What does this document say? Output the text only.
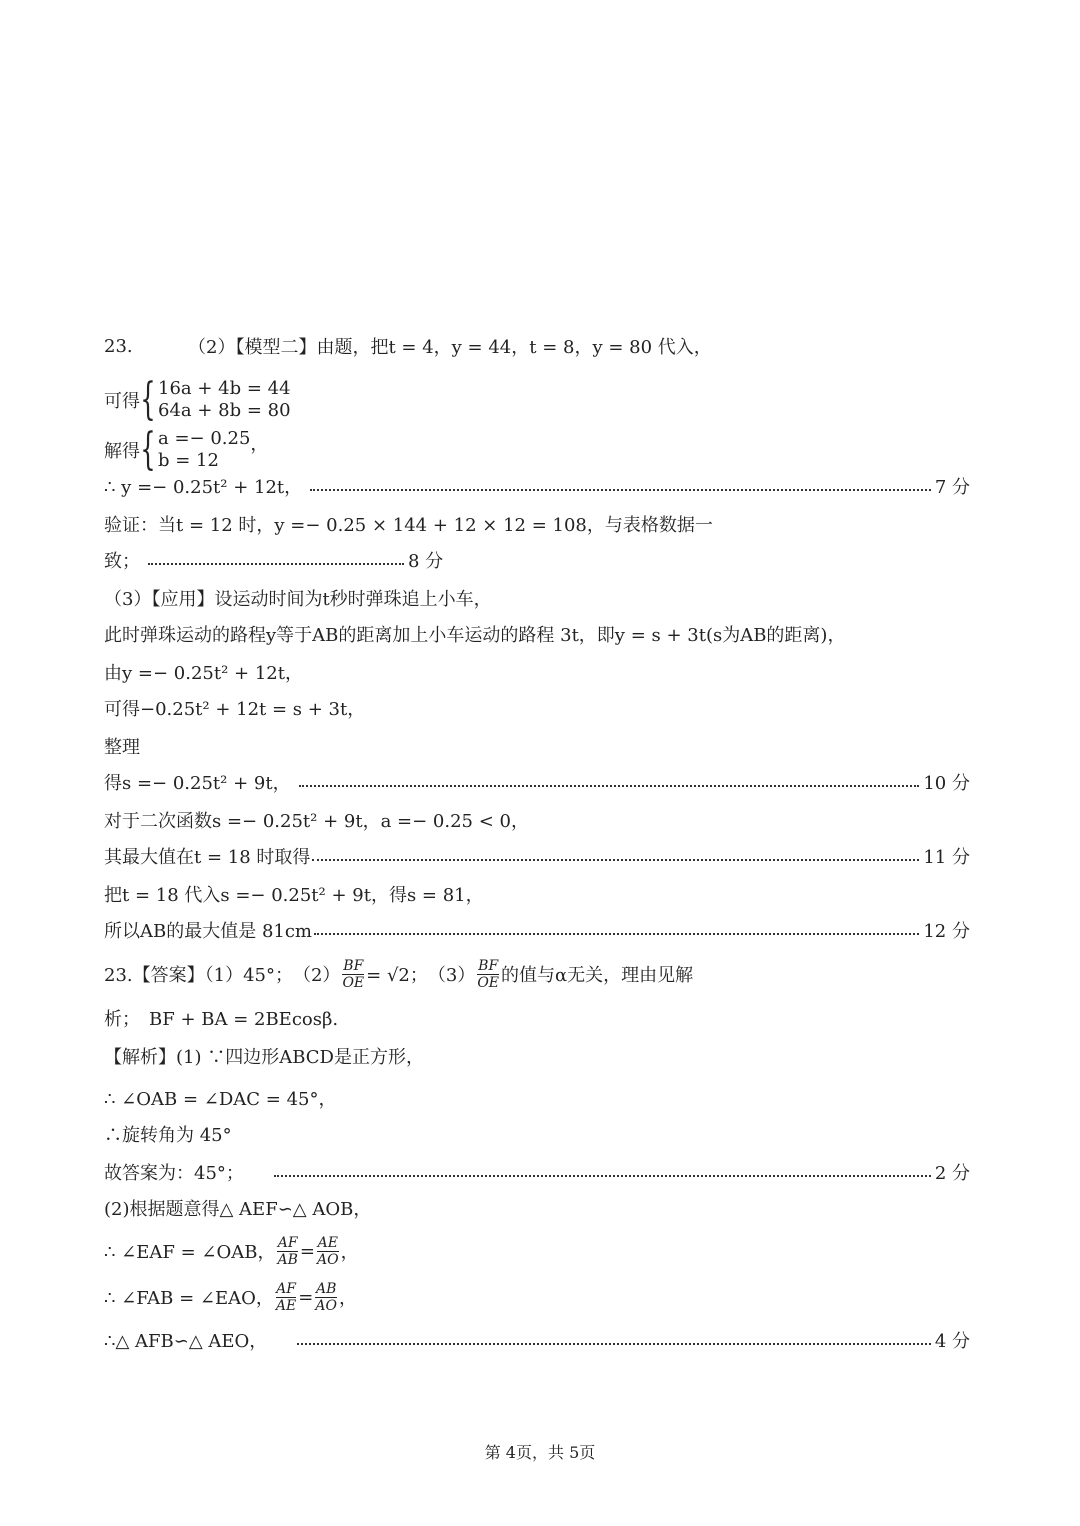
23.	（2）【模型二】由题，把t = 4，y = 44，t = 8，y = 80 代入，
可得 { 16a + 4b = 44
64a + 8b = 80
解得 { a =− 0.25
b = 12
，
∴ y =− 0.25t² + 12t，	7 分
验证：当t = 12 时，y =− 0.25 × 144 + 12 × 12 = 108，与表格数据一
致；	8 分
（3）【应用】设运动时间为t秒时弹珠追上小车，
此时弹珠运动的路程y等于AB的距离加上小车运动的路程 3t，即y = s + 3t(s为AB的距离)，
由y =− 0.25t² + 12t，
可得−0.25t² + 12t = s + 3t，
整理
得s =− 0.25t² + 9t，	10 分
对于二次函数s =− 0.25t² + 9t，a =− 0.25 < 0，
其最大值在t = 18 时取得	11 分
把t = 18 代入s =− 0.25t² + 9t，得s = 81，
所以AB的最大值是 81cm	12 分
23.【答案】（1）45°；　$(2) \frac{BF}{OE} = √2$；　$(3) \frac{BF}{OE}$ 的值与α无关，理由见解
析；　BF + BA = 2BEcosβ.
【解析】(1) ∵四边形ABCD是正方形，
∴ ∠OAB = ∠DAC = 45°，
∴旋转角为 45°
故答案为：45°；	2 分
(2)根据题意得△ AEF∽△ AOB，
∴ ∠EAF = ∠OAB， $\frac{AF}{AB} = \frac{AE}{AO}$ ，
∴ ∠FAB = ∠EAO， $\frac{AF}{AE} = \frac{AB}{AO}$ ，
∴△ AFB∽△ AEO，	4 分
第 4页，共 5页
